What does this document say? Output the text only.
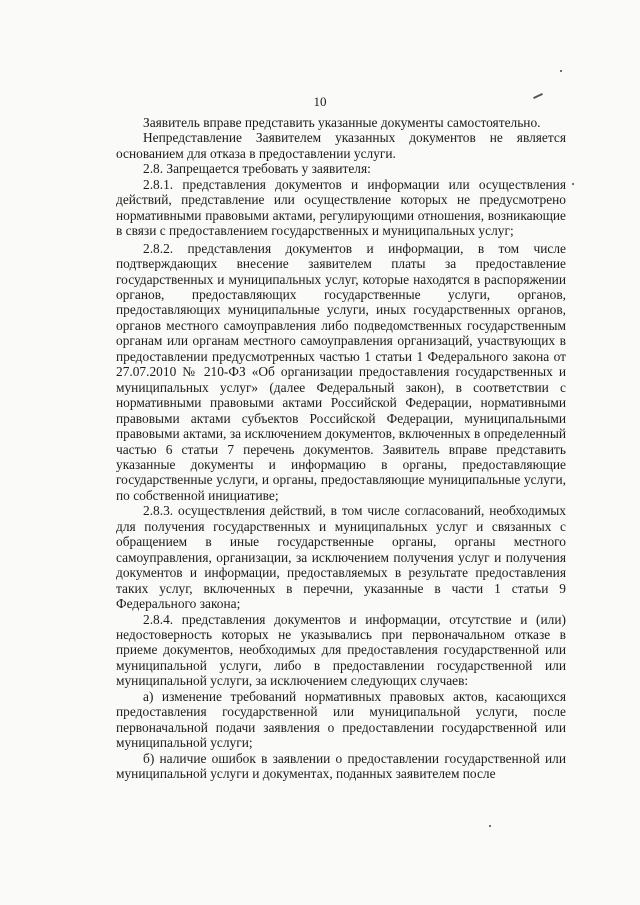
10

Заявитель вправе представить указанные документы самостоятельно.

Непредставление Заявителем указанных документов не является основанием для отказа в предоставлении услуги.

2.8. Запрещается требовать у заявителя:

2.8.1. представления документов и информации или осуществления действий, представление или осуществление которых не предусмотрено нормативными правовыми актами, регулирующими отношения, возникающие в связи с предоставлением государственных и муниципальных услуг;

2.8.2. представления документов и информации, в том числе подтверждающих внесение заявителем платы за предоставление государственных и муниципальных услуг, которые находятся в распоряжении органов, предоставляющих государственные услуги, органов, предоставляющих муниципальные услуги, иных государственных органов, органов местного самоуправления либо подведомственных государственным органам или органам местного самоуправления организаций, участвующих в предоставлении предусмотренных частью 1 статьи 1 Федерального закона от 27.07.2010 № 210-ФЗ «Об организации предоставления государственных и муниципальных услуг» (далее Федеральный закон), в соответствии с нормативными правовыми актами Российской Федерации, нормативными правовыми актами субъектов Российской Федерации, муниципальными правовыми актами, за исключением документов, включенных в определенный частью 6 статьи 7 перечень документов. Заявитель вправе представить указанные документы и информацию в органы, предоставляющие государственные услуги, и органы, предоставляющие муниципальные услуги, по собственной инициативе;

2.8.3. осуществления действий, в том числе согласований, необходимых для получения государственных и муниципальных услуг и связанных с обращением в иные государственные органы, органы местного самоуправления, организации, за исключением получения услуг и получения документов и информации, предоставляемых в результате предоставления таких услуг, включенных в перечни, указанные в части 1 статьи 9 Федерального закона;

2.8.4. представления документов и информации, отсутствие и (или) недостоверность которых не указывались при первоначальном отказе в приеме документов, необходимых для предоставления государственной или муниципальной услуги, либо в предоставлении государственной или муниципальной услуги, за исключением следующих случаев:

а) изменение требований нормативных правовых актов, касающихся предоставления государственной или муниципальной услуги, после первоначальной подачи заявления о предоставлении государственной или муниципальной услуги;

б) наличие ошибок в заявлении о предоставлении государственной или муниципальной услуги и документах, поданных заявителем после
